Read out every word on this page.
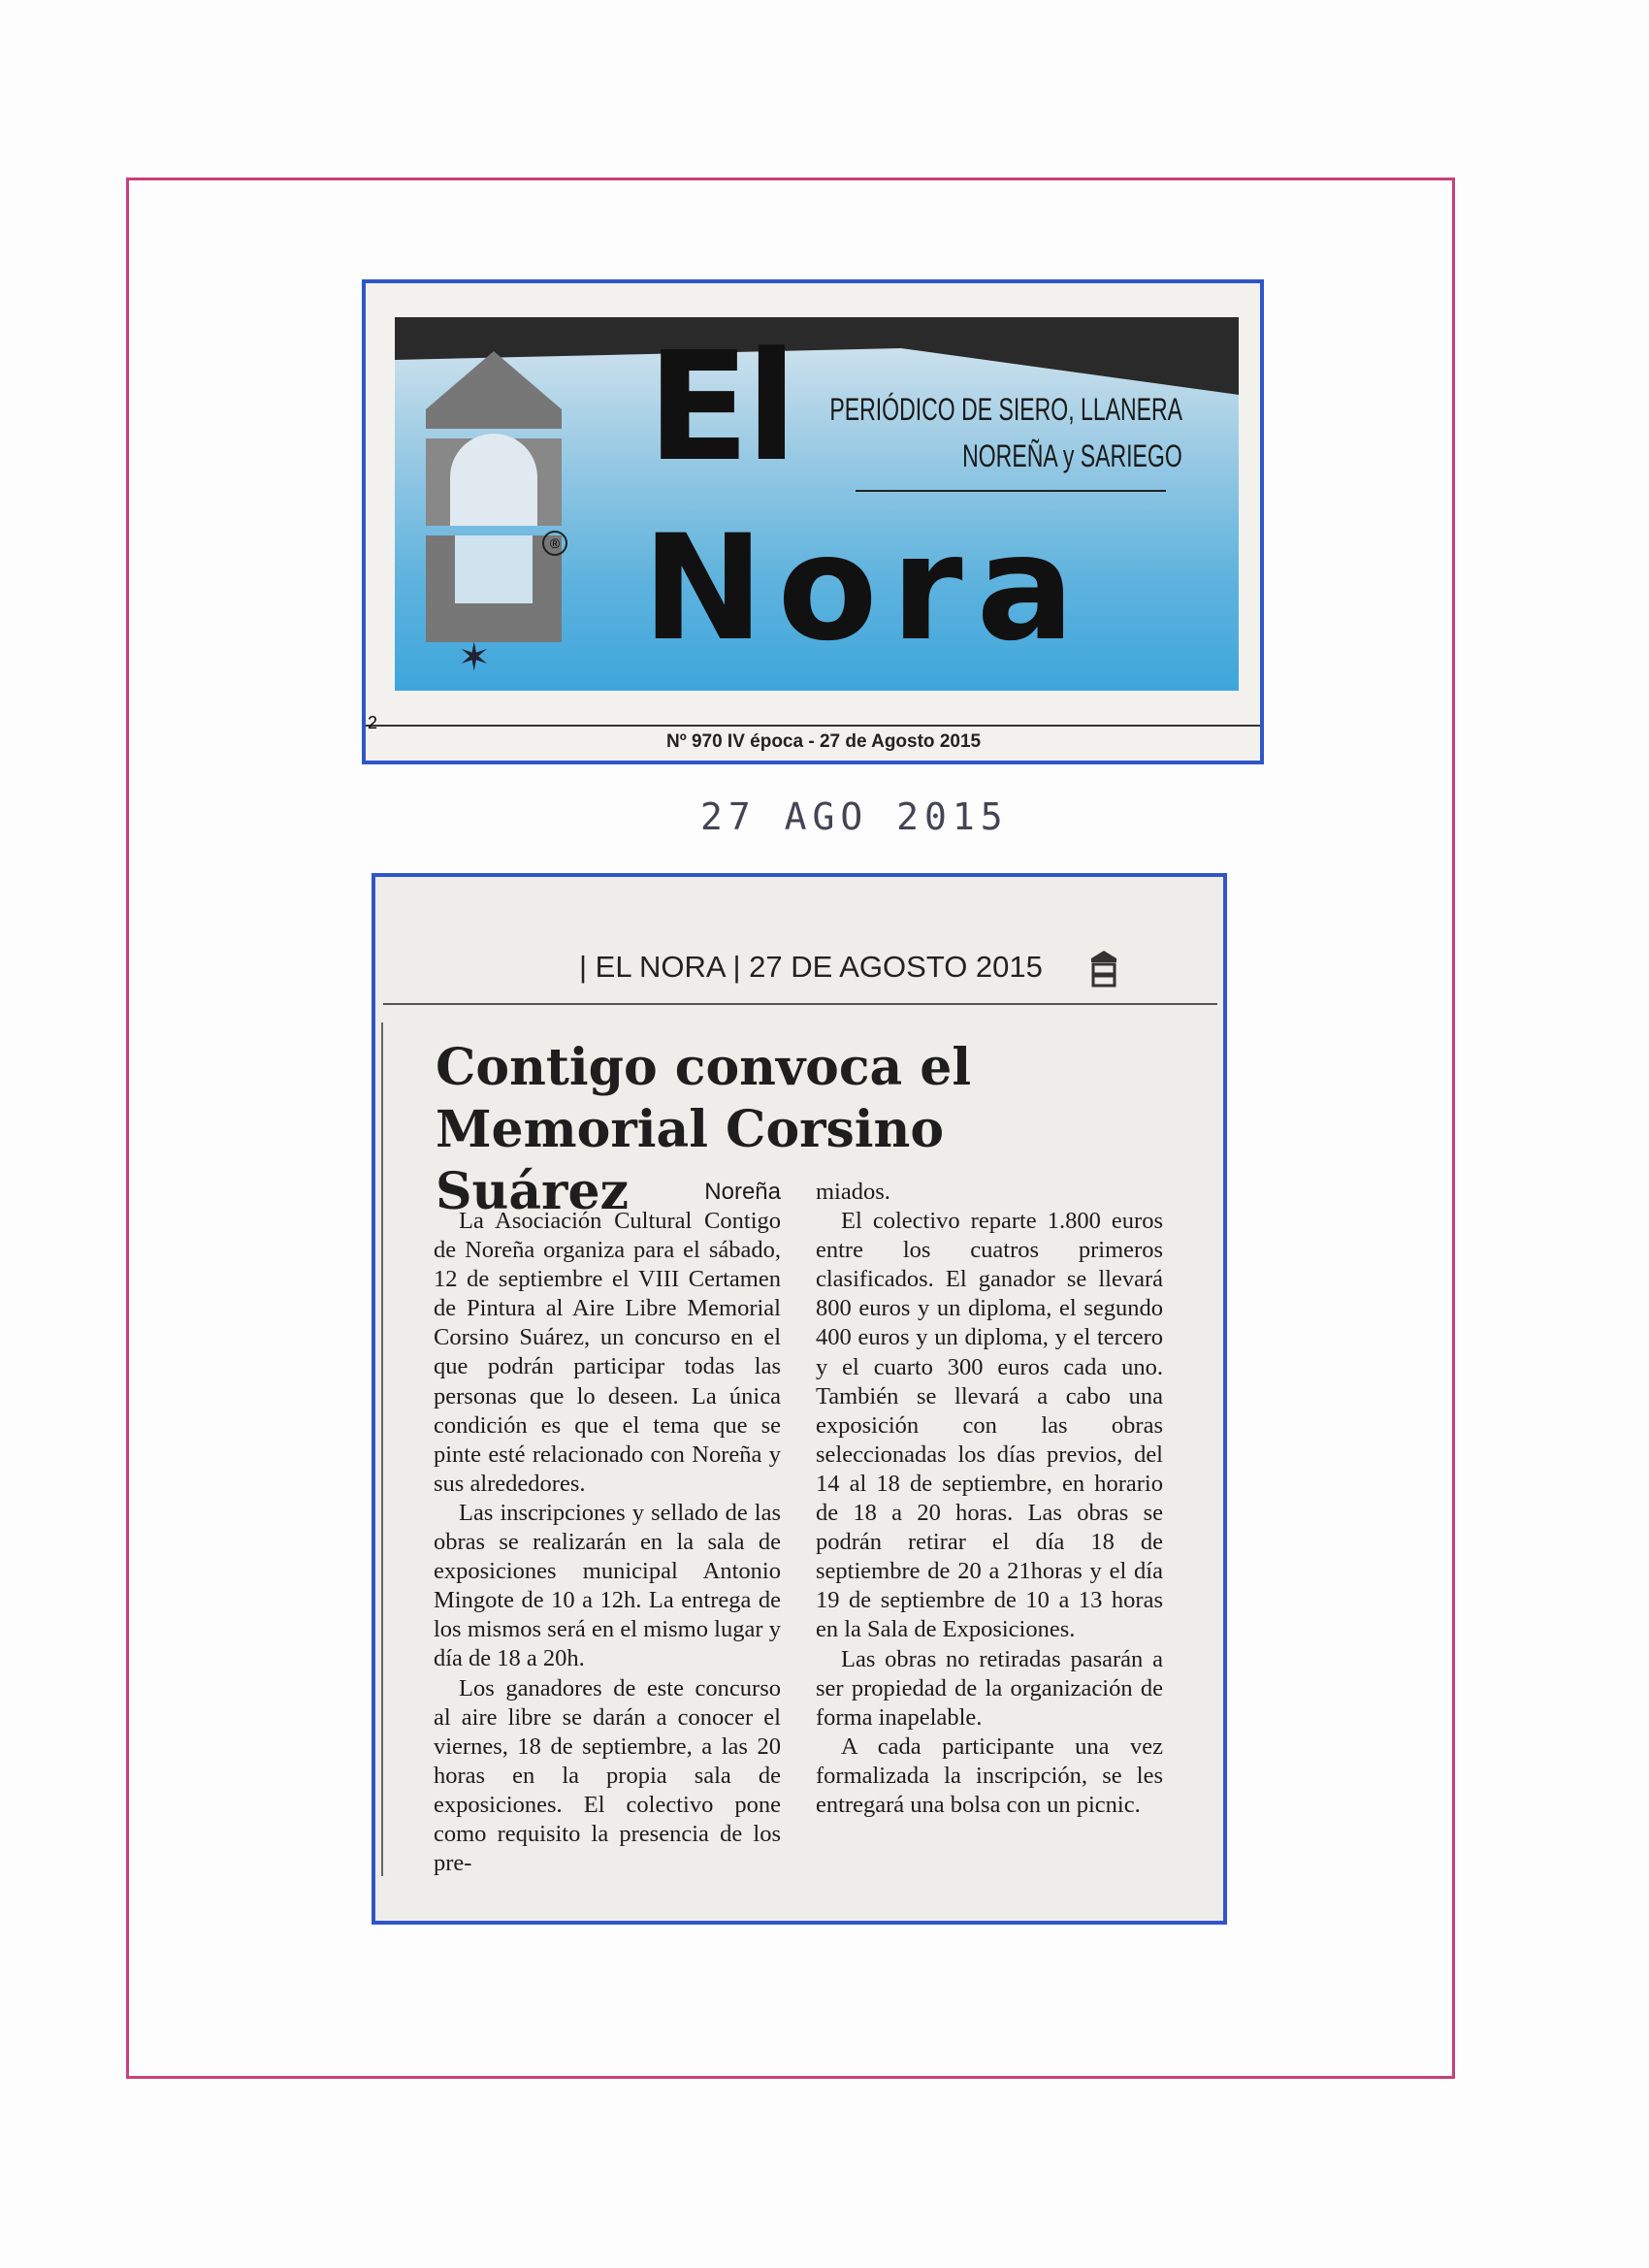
El
Nora
PERIÓDICO DE SIERO, LLANERA
NOREÑA y SARIEGO
®
✶
2
Nº 970 IV época - 27 de Agosto 2015
27 AGO 2015
| EL NORA | 27 DE AGOSTO 2015
Contigo convoca el Memorial Corsino Suárez	Noreña

La Asociación Cultural Contigo de Noreña organiza para el sábado, 12 de septiembre el VIII Certamen de Pintura al Aire Libre Memorial Corsino Suárez, un concurso en el que podrán participar todas las personas que lo deseen. La única condición es que el tema que se pinte esté relacionado con Noreña y sus alrededores.

Las inscripciones y sellado de las obras se realizarán en la sala de exposiciones municipal Antonio Mingote de 10 a 12h. La entrega de los mismos será en el mismo lugar y día de 18 a 20h.

Los ganadores de este concurso al aire libre se darán a conocer el viernes, 18 de septiembre, a las 20 horas en la propia sala de exposiciones. El colectivo pone como requisito la presencia de los pre-

miados.

El colectivo reparte 1.800 euros entre los cuatros primeros clasificados. El ganador se llevará 800 euros y un diploma, el segundo 400 euros y un diploma, y el tercero y el cuarto 300 euros cada uno. También se llevará a cabo una exposición con las obras seleccionadas los días previos, del 14 al 18 de septiembre, en horario de 18 a 20 horas. Las obras se podrán retirar el día 18 de septiembre de 20 a 21horas y el día 19 de septiembre de 10 a 13 horas en la Sala de Exposiciones.

Las obras no retiradas pasarán a ser propiedad de la organización de forma inapelable.

A cada participante una vez formalizada la inscripción, se les entregará una bolsa con un picnic.
